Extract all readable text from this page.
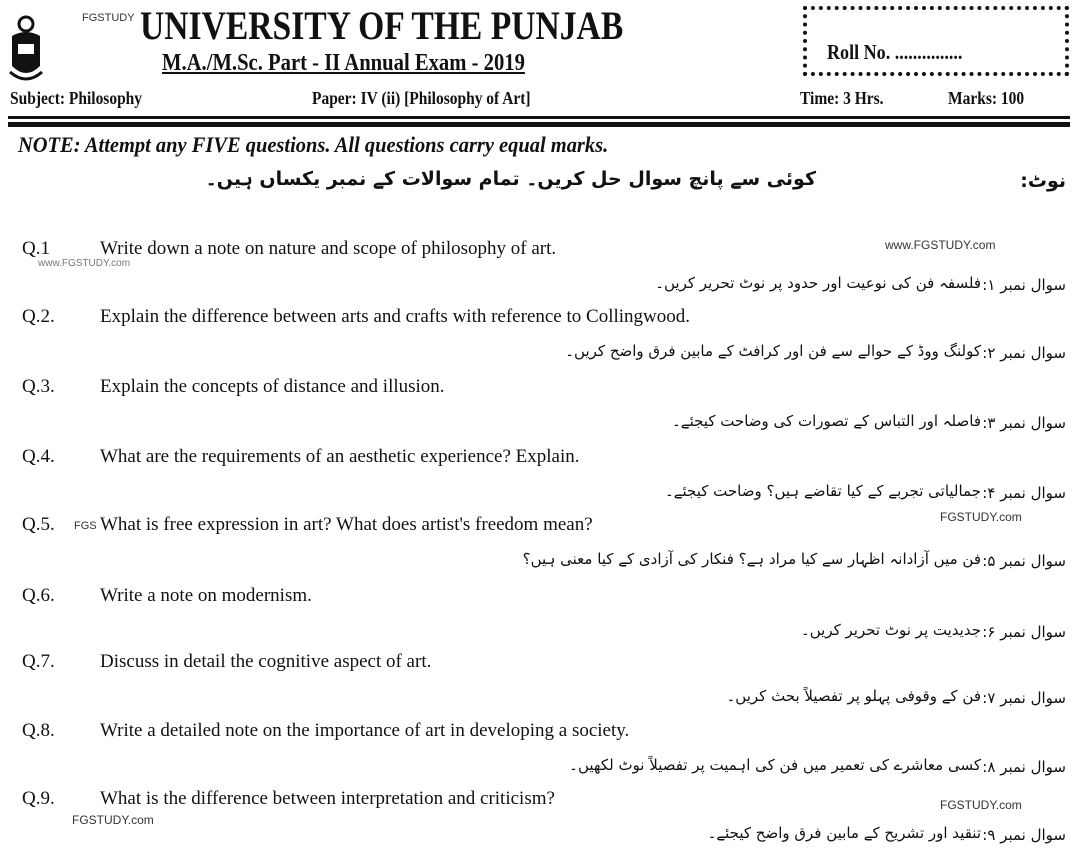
FGSTUDY UNIVERSITY OF THE PUNJAB
M.A./M.Sc. Part - II Annual Exam - 2019	Roll No. ...............
Subject: Philosophy	Paper: IV (ii) [Philosophy of Art]	Time: 3 Hrs.	Marks: 100
NOTE: Attempt any FIVE questions. All questions carry equal marks.
کوئی سے پانچ سوال حل کریں۔ تمام سوالات کے نمبر یکساں ہیں۔	نوٹ:
Q.1	Write down a note on nature and scope of philosophy of art.
فلسفہ فن کی نوعیت اور حدود پر نوٹ تحریر کریں۔ سوال نمبر ۱:
Q.2. Explain the difference between arts and crafts with reference to Collingwood.
کولنگ ووڈ کے حوالے سے فن اور کرافٹ کے مابین فرق واضح کریں۔ سوال نمبر ۲:
Q.3. Explain the concepts of distance and illusion.
فاصلہ اور التباس کے تصورات کی وضاحت کیجئے۔ سوال نمبر ۳:
Q.4. What are the requirements of an aesthetic experience? Explain.
جمالیاتی تجربے کے کیا تقاضے ہیں؟ وضاحت کیجئے۔ سوال نمبر ۴:
Q.5. What is free expression in art? What does artist's freedom mean?
فن میں آزادانہ اظہار سے کیا مراد ہے؟ فنکار کی آزادی کے کیا معنی ہیں؟ سوال نمبر ۵:
Q.6. Write a note on modernism.
جدیدیت پر نوٹ تحریر کریں۔ سوال نمبر ۶:
Q.7. Discuss in detail the cognitive aspect of art.
فن کے وقوفی پہلو پر تفصیلاً بحث کریں۔ سوال نمبر ۷:
Q.8. Write a detailed note on the importance of art in developing a society.
کسی معاشرے کی تعمیر میں فن کی اہمیت پر تفصیلاً نوٹ لکھیں۔ سوال نمبر ۸:
Q.9. What is the difference between interpretation and criticism?
تنقید اور تشریح کے مابین فرق واضح کیجئے۔ سوال نمبر ۹:
www.FGSTUDY.com
FGSTUDY.com
FGSTUDY.com
FGSTUDY.com
www.FGSTUDY.com
FGS
